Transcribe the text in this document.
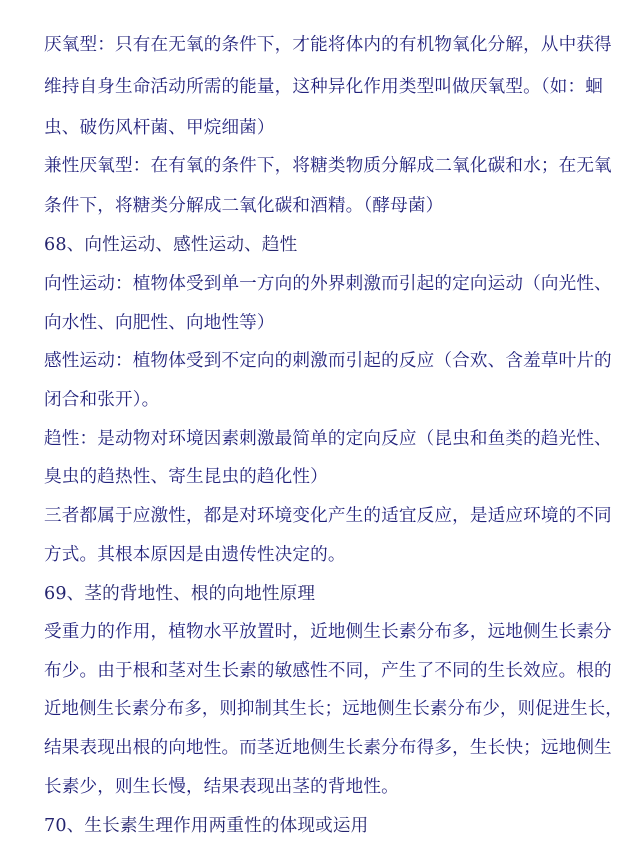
厌氧型：只有在无氧的条件下，才能将体内的有机物氧化分解，从中获得
维持自身生命活动所需的能量，这种异化作用类型叫做厌氧型。（如：蛔
虫、破伤风杆菌、甲烷细菌）
兼性厌氧型：在有氧的条件下，将糖类物质分解成二氧化碳和水；在无氧
条件下，将糖类分解成二氧化碳和酒精。（酵母菌）
68、向性运动、感性运动、趋性
向性运动：植物体受到单一方向的外界刺激而引起的定向运动（向光性、
向水性、向肥性、向地性等）
感性运动：植物体受到不定向的刺激而引起的反应（合欢、含羞草叶片的
闭合和张开）。
趋性：是动物对环境因素刺激最简单的定向反应（昆虫和鱼类的趋光性、
臭虫的趋热性、寄生昆虫的趋化性）
三者都属于应激性，都是对环境变化产生的适宜反应，是适应环境的不同
方式。其根本原因是由遗传性决定的。
69、茎的背地性、根的向地性原理
受重力的作用，植物水平放置时，近地侧生长素分布多，远地侧生长素分
布少。由于根和茎对生长素的敏感性不同，产生了不同的生长效应。根的
近地侧生长素分布多，则抑制其生长；远地侧生长素分布少，则促进生长，
结果表现出根的向地性。而茎近地侧生长素分布得多，生长快；远地侧生
长素少，则生长慢，结果表现出茎的背地性。
70、生长素生理作用两重性的体现或运用
